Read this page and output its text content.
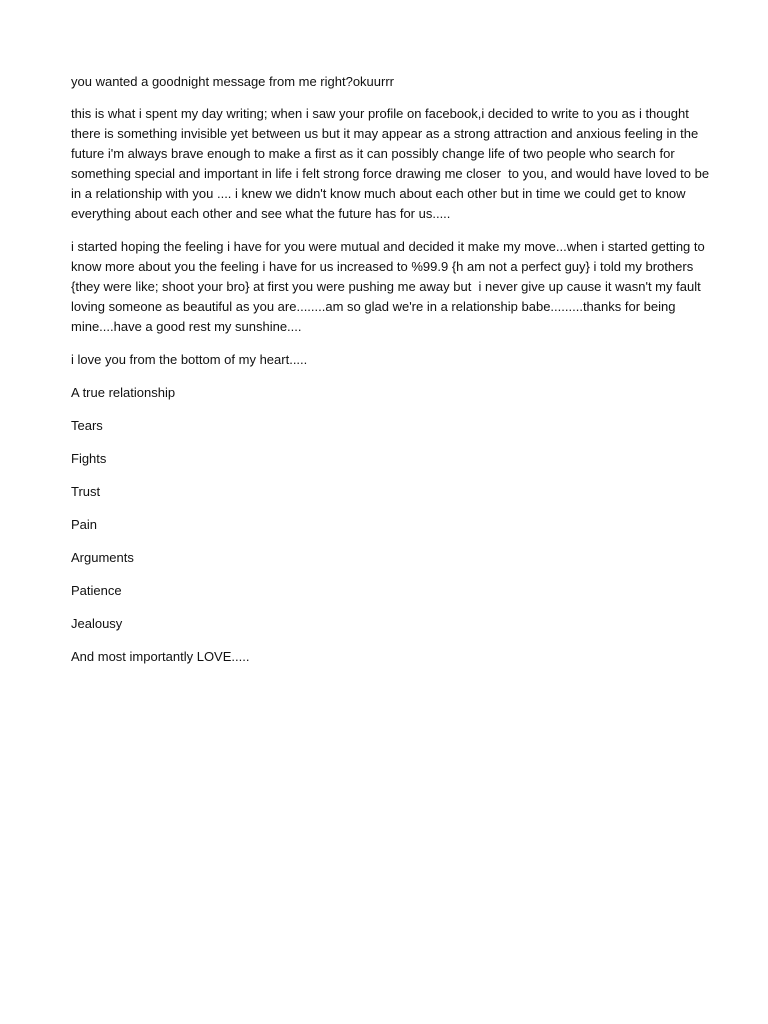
you wanted a goodnight message from me right?okuurrr

this is what i spent my day writing; when i saw your profile on facebook,i decided to write to you as i thought there is something invisible yet between us but it may appear as a strong attraction and anxious feeling in the future i'm always brave enough to make a first as it can possibly change life of two people who search for something special and important in life i felt strong force drawing me closer  to you, and would have loved to be in a relationship with you .... i knew we didn't know much about each other but in time we could get to know everything about each other and see what the future has for us.....

i started hoping the feeling i have for you were mutual and decided it make my move...when i started getting to know more about you the feeling i have for us increased to %99.9 {h am not a perfect guy} i told my brothers {they were like; shoot your bro} at first you were pushing me away but  i never give up cause it wasn't my fault loving someone as beautiful as you are........am so glad we're in a relationship babe.........thanks for being mine....have a good rest my sunshine....

i love you from the bottom of my heart.....

A true relationship

Tears

Fights

Trust

Pain

Arguments

Patience

Jealousy

And most importantly LOVE.....
